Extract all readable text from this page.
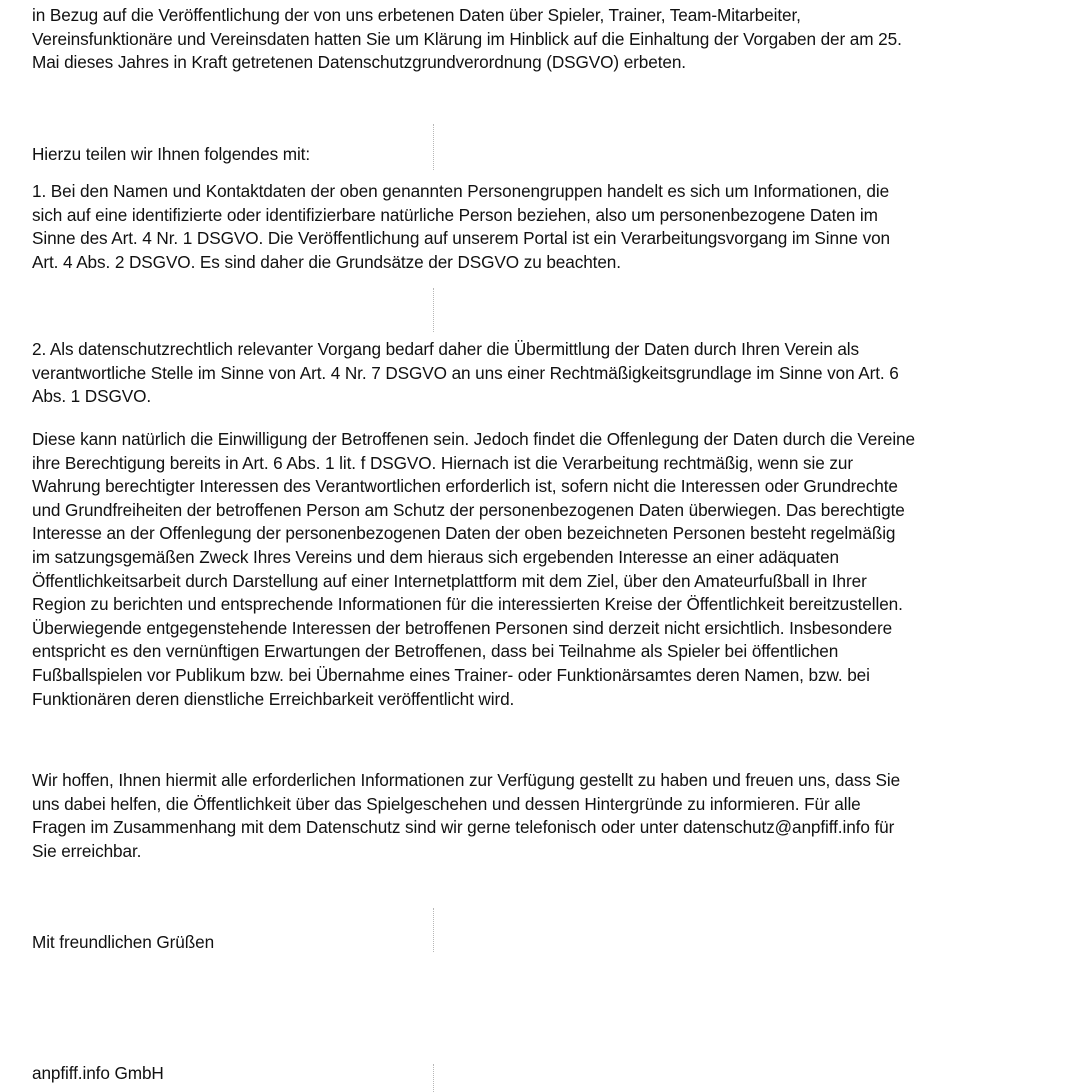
in Bezug auf die Veröffentlichung der von uns erbetenen Daten über Spieler, Trainer, Team-Mitarbeiter,
Vereinsfunktionäre und Vereinsdaten hatten Sie um Klärung im Hinblick auf die Einhaltung der Vorgaben der am 25.
Mai dieses Jahres in Kraft getretenen Datenschutzgrundverordnung (DSGVO) erbeten.

Hierzu teilen wir Ihnen folgendes mit:

1. Bei den Namen und Kontaktdaten der oben genannten Personengruppen handelt es sich um Informationen, die
sich auf eine identifizierte oder identifizierbare natürliche Person beziehen, also um personenbezogene Daten im
Sinne des Art. 4 Nr. 1 DSGVO. Die Veröffentlichung auf unserem Portal ist ein Verarbeitungsvorgang im Sinne von
Art. 4 Abs. 2 DSGVO. Es sind daher die Grundsätze der DSGVO zu beachten.

2. Als datenschutzrechtlich relevanter Vorgang bedarf daher die Übermittlung der Daten durch Ihren Verein als
verantwortliche Stelle im Sinne von Art. 4 Nr. 7 DSGVO an uns einer Rechtmäßigkeitsgrundlage im Sinne von Art. 6
Abs. 1 DSGVO.

Diese kann natürlich die Einwilligung der Betroffenen sein. Jedoch findet die Offenlegung der Daten durch die Vereine
ihre Berechtigung bereits in Art. 6 Abs. 1 lit. f DSGVO. Hiernach ist die Verarbeitung rechtmäßig, wenn sie zur
Wahrung berechtigter Interessen des Verantwortlichen erforderlich ist, sofern nicht die Interessen oder Grundrechte
und Grundfreiheiten der betroffenen Person am Schutz der personenbezogenen Daten überwiegen. Das berechtigte
Interesse an der Offenlegung der personenbezogenen Daten der oben bezeichneten Personen besteht regelmäßig
im satzungsgemäßen Zweck Ihres Vereins und dem hieraus sich ergebenden Interesse an einer adäquaten
Öffentlichkeitsarbeit durch Darstellung auf einer Internetplattform mit dem Ziel, über den Amateurfußball in Ihrer
Region zu berichten und entsprechende Informationen für die interessierten Kreise der Öffentlichkeit bereitzustellen.
Überwiegende entgegenstehende Interessen der betroffenen Personen sind derzeit nicht ersichtlich. Insbesondere
entspricht es den vernünftigen Erwartungen der Betroffenen, dass bei Teilnahme als Spieler bei öffentlichen
Fußballspielen vor Publikum bzw. bei Übernahme eines Trainer- oder Funktionärsamtes deren Namen, bzw. bei
Funktionären deren dienstliche Erreichbarkeit veröffentlicht wird.

Wir hoffen, Ihnen hiermit alle erforderlichen Informationen zur Verfügung gestellt zu haben und freuen uns, dass Sie
uns dabei helfen, die Öffentlichkeit über das Spielgeschehen und dessen Hintergründe zu informieren. Für alle
Fragen im Zusammenhang mit dem Datenschutz sind wir gerne telefonisch oder unter datenschutz@anpfiff.info für
Sie erreichbar.

Mit freundlichen Grüßen

anpfiff.info GmbH
